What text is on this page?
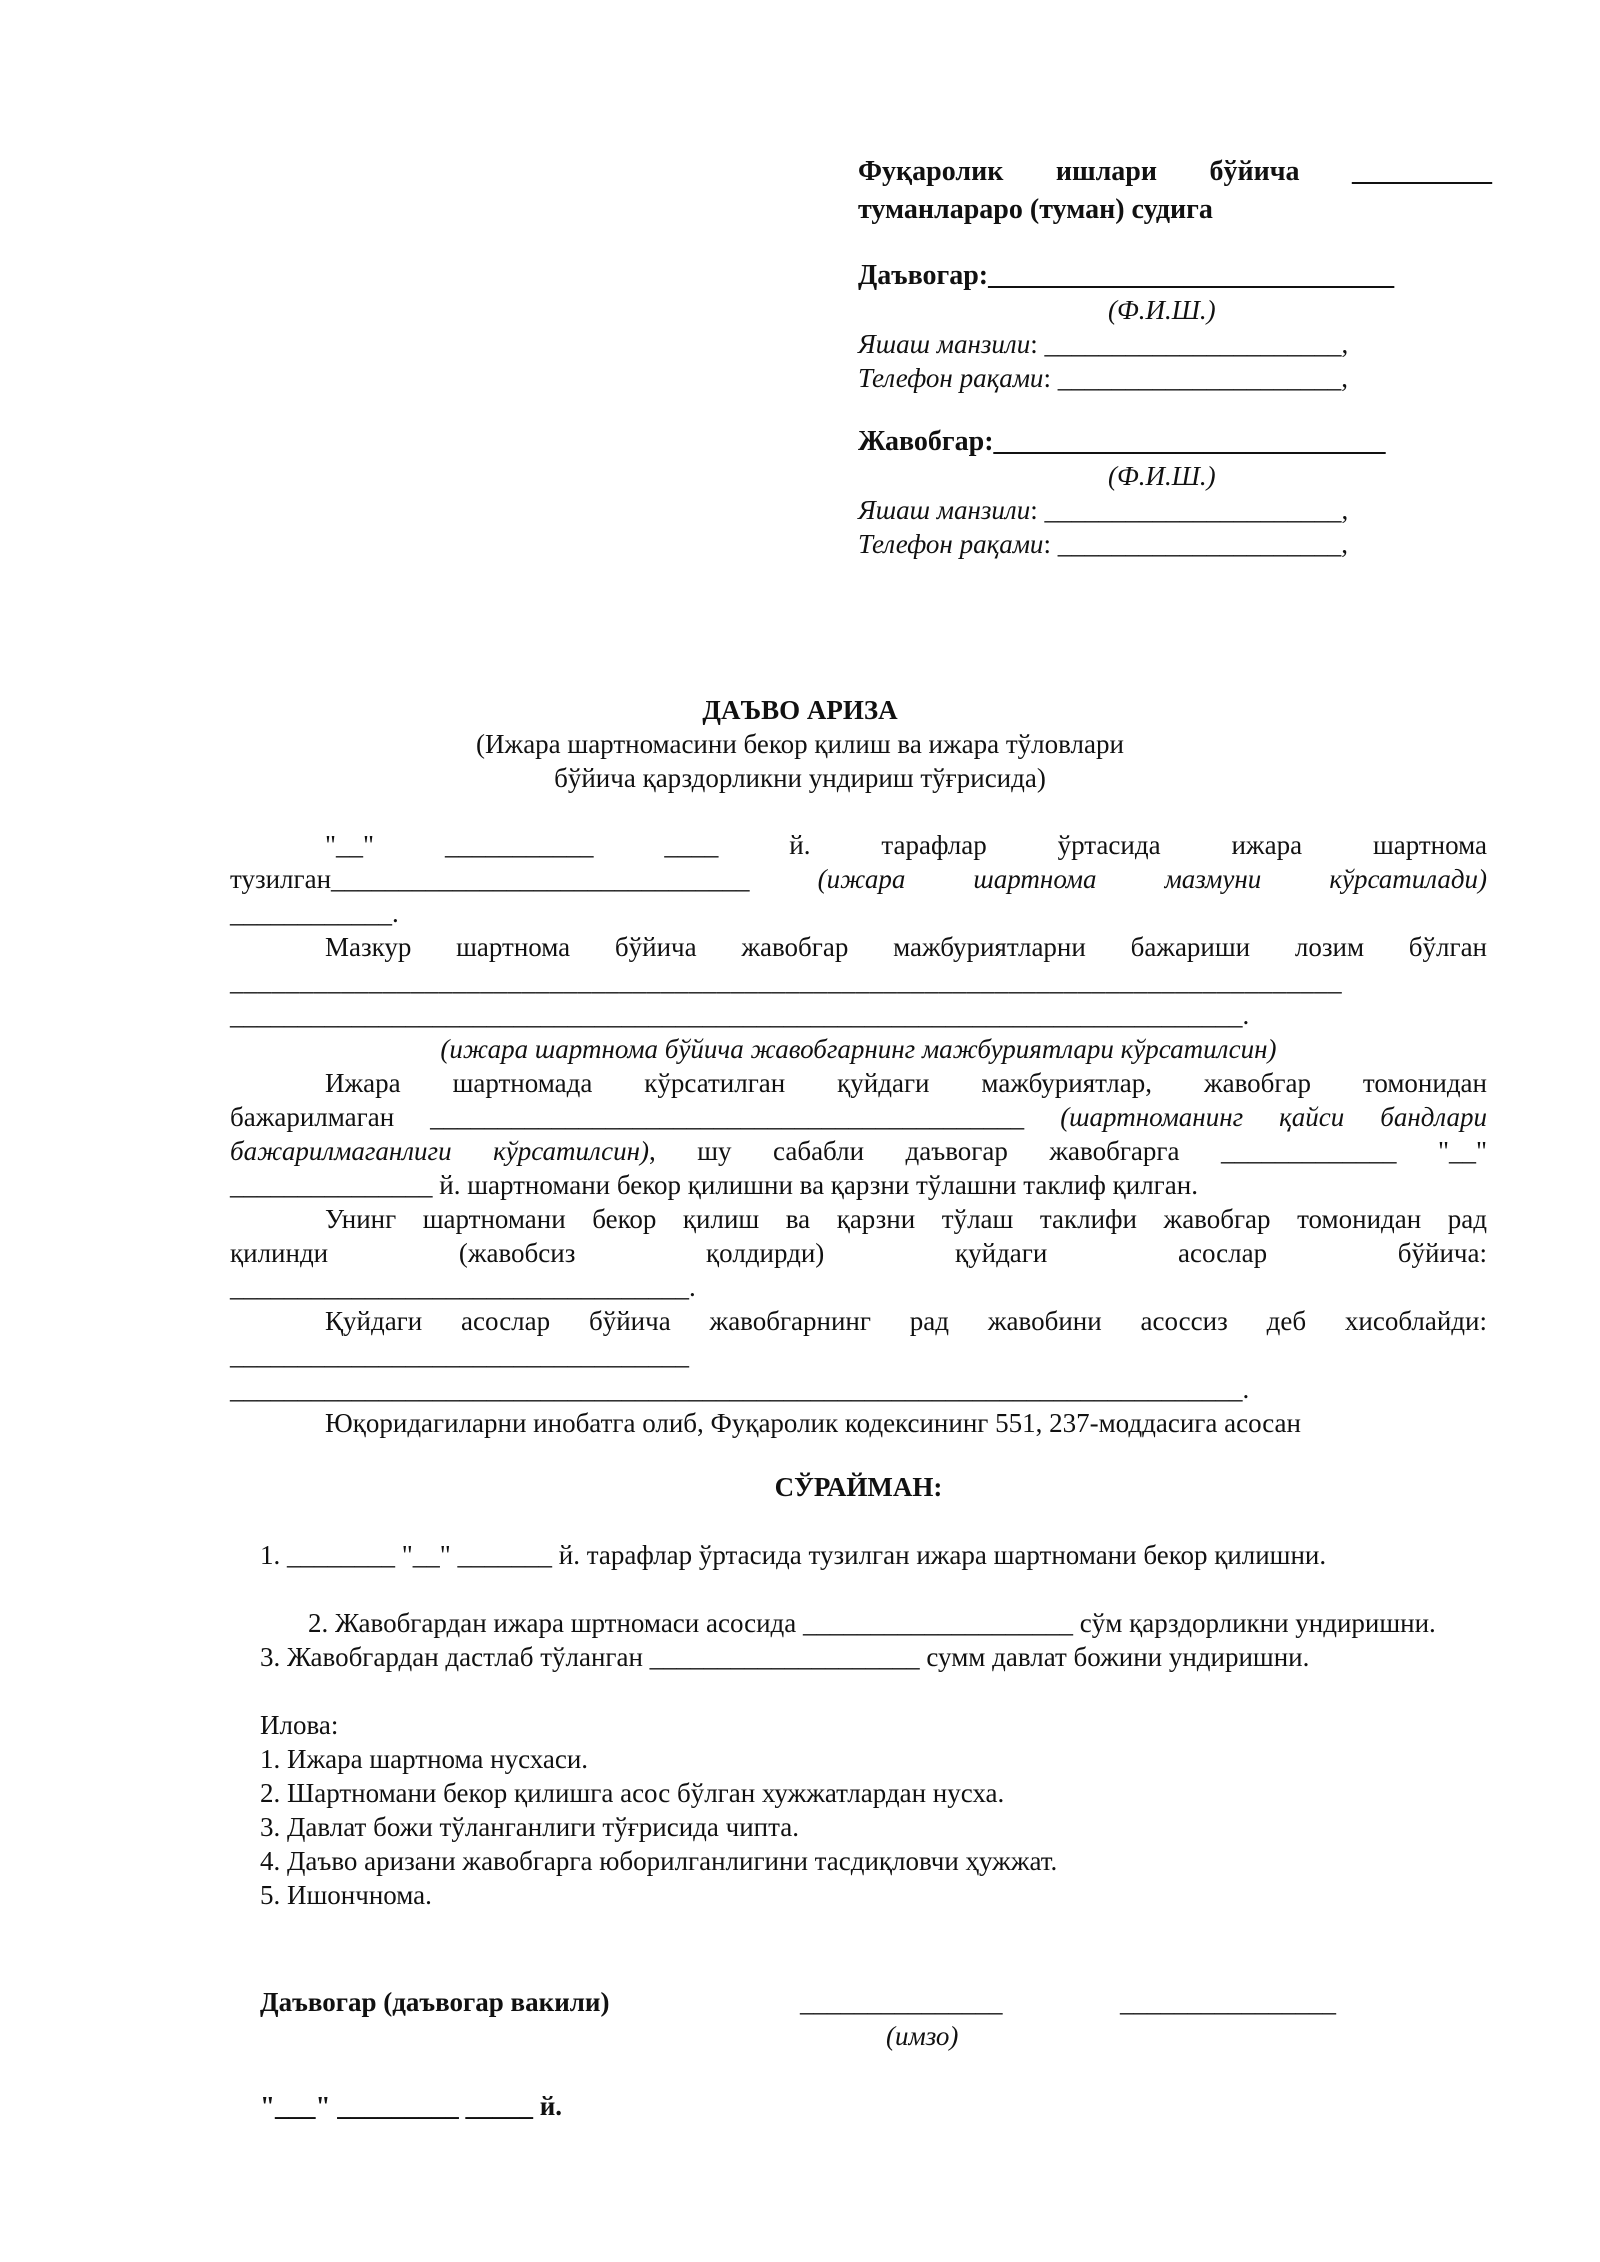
Фуқаролик ишлари бўйича __________
туманлараро (туман) судига
Даъвогар:_____________________________
(Ф.И.Ш.)
Яшаш манзили: ______________________,
Телефон рақами: _____________________,
Жавобгар:____________________________
(Ф.И.Ш.)
Яшаш манзили: ______________________,
Телефон рақами: _____________________,
ДАЪВО АРИЗА
(Ижара шартномасини бекор қилиш ва ижара тўловлари
бўйича қарздорликни ундириш тўғрисида)
"__" ___________ ____ й. тарафлар ўртасида ижара шартнома
тузилган_______________________________ (ижара шартнома мазмуни кўрсатилади)
____________.
Мазкур шартнома бўйича жавобгар мажбуриятларни бажариши лозим бўлган
________________________________________________________________________________
___________________________________________________________________________.
(ижара шартнома бўйича жавобгарнинг мажбуриятлари кўрсатилсин)
Ижара шартномада кўрсатилган қуйдаги мажбуриятлар, жавобгар томонидан
бажарилмаган ____________________________________________ (шартноманинг қайси бандлари
бажарилмаганлиги кўрсатилсин), шу сабабли даъвогар жавобгарга _____________ "__"
_______________ й. шартномани бекор қилишни ва қарзни тўлашни таклиф қилган.
Унинг шартномани бекор қилиш ва қарзни тўлаш таклифи жавобгар томонидан рад
қилинди (жавобсиз қолдирди) қуйдаги асослар бўйича:
__________________________________.
Қуйдаги асослар бўйича жавобгарнинг рад жавобини асоссиз деб хисоблайди:
__________________________________
___________________________________________________________________________.
Юқоридагиларни инобатга олиб, Фуқаролик кодексининг 551, 237-моддасига асосан
СЎРАЙМАН:
1. ________ "__" _______ й. тарафлар ўртасида тузилган ижара шартномани бекор қилишни.
2. Жавобгардан ижара шртномаси асосида ____________________ сўм қарздорликни ундиришни.
3. Жавобгардан дастлаб тўланган ____________________ сумм давлат божини ундиришни.
Илова:
1. Ижара шартнома нусхаси.
2. Шартномани бекор қилишга асос бўлган хужжатлардан нусха.
3. Давлат божи тўланганлиги тўғрисида чипта.
4. Даъво аризани жавобгарга юборилганлигини тасдиқловчи ҳужжат.
5. Ишончнома.
Даъвогар (даъвогар вакили)	_______________	________________
(имзо)
"___" _________ _____ й.
